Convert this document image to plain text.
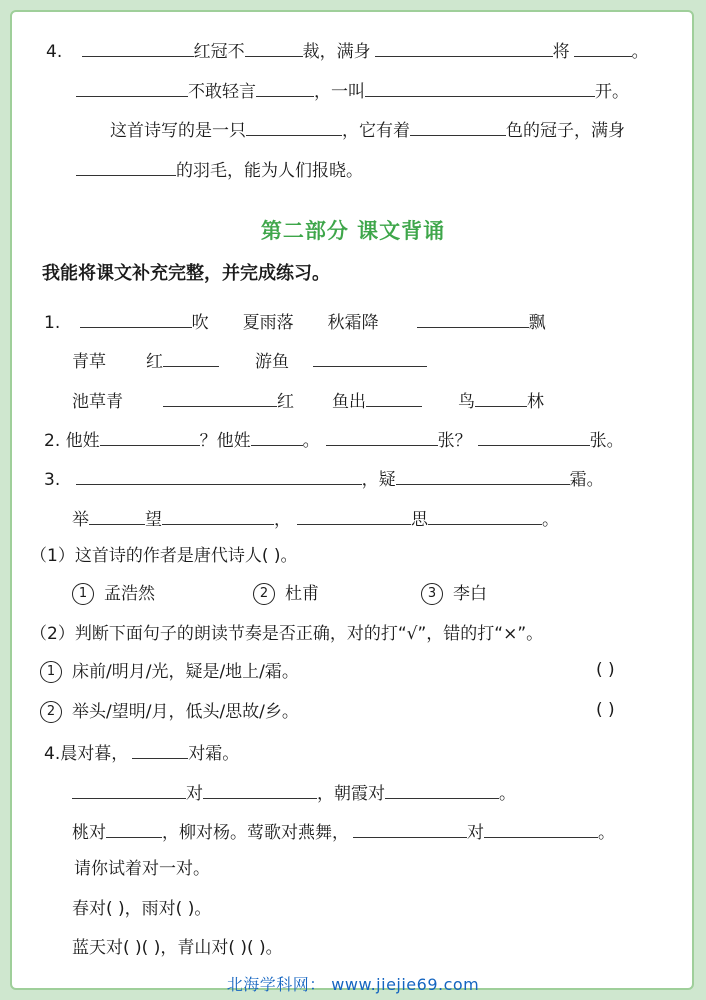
4.	红冠不	裁，满身	将	。
不敢轻言	，一叫	开。
这首诗写的是一只	，它有着	色的冠子，满身
的羽毛，能为人们报晓。
第二部分 课文背诵
我能将课文补充完整，并完成练习。
1.	吹 夏雨落 秋霜降	飘
青草 红	游鱼
池草青	红 鱼出	鸟	林
2. 他姓	？他姓	。	张？	张。
3.	，疑	霜。
举	望	，	思	。
（1）这首诗的作者是唐代诗人( )。
1 孟浩然	2 杜甫	3 李白
（2）判断下面句子的朗读节奏是否正确，对的打“√”，错的打“×”。
1 床前/明月/光，疑是/地上/霜。	( )
2 举头/望明/月，低头/思故/乡。	( )
4.晨对暮，	对霜。
对	，朝霞对	。
桃对	，柳对杨。莺歌对燕舞，	对	。
请你试着对一对。
春对( )，雨对( )。
蓝天对( )( )，青山对( )( )。
北海学科网： www.jiejie69.com
